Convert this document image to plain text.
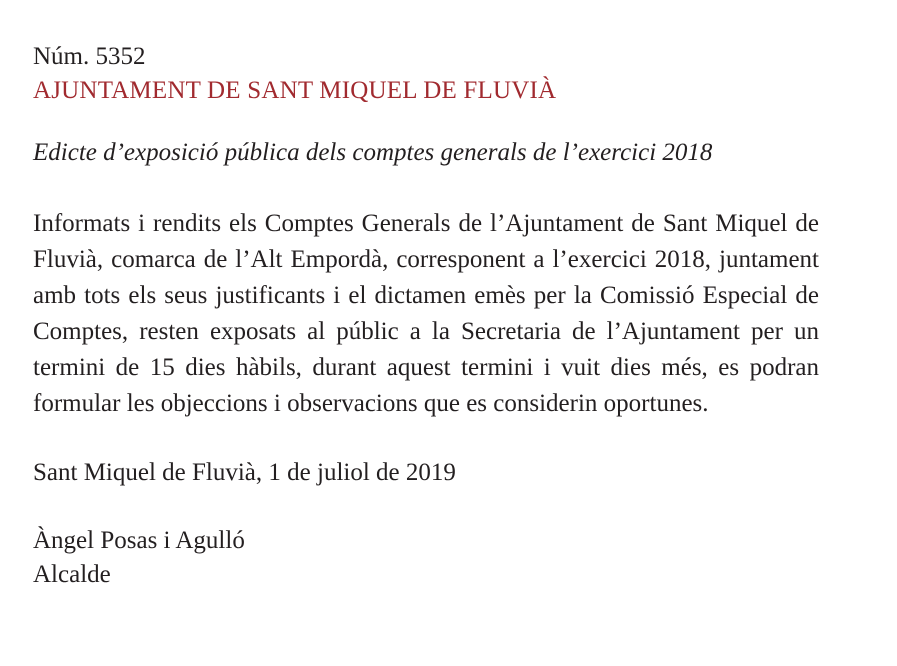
Núm. 5352

AJUNTAMENT DE SANT MIQUEL DE FLUVIÀ

Edicte d’exposició pública dels comptes generals de l’exercici 2018

Informats i rendits els Comptes Generals de l’Ajuntament de Sant Miquel de Fluvià, comarca de l’Alt Empordà, corresponent a l’exercici 2018, juntament amb tots els seus justificants i el dictamen emès per la Comissió Especial de Comptes, resten exposats al públic a la Secretaria de l’Ajuntament per un termini de 15 dies hàbils, durant aquest termini i vuit dies més, es podran formular les objeccions i observacions que es considerin oportunes.

Sant Miquel de Fluvià, 1 de juliol de 2019

Àngel Posas i Agulló

Alcalde
